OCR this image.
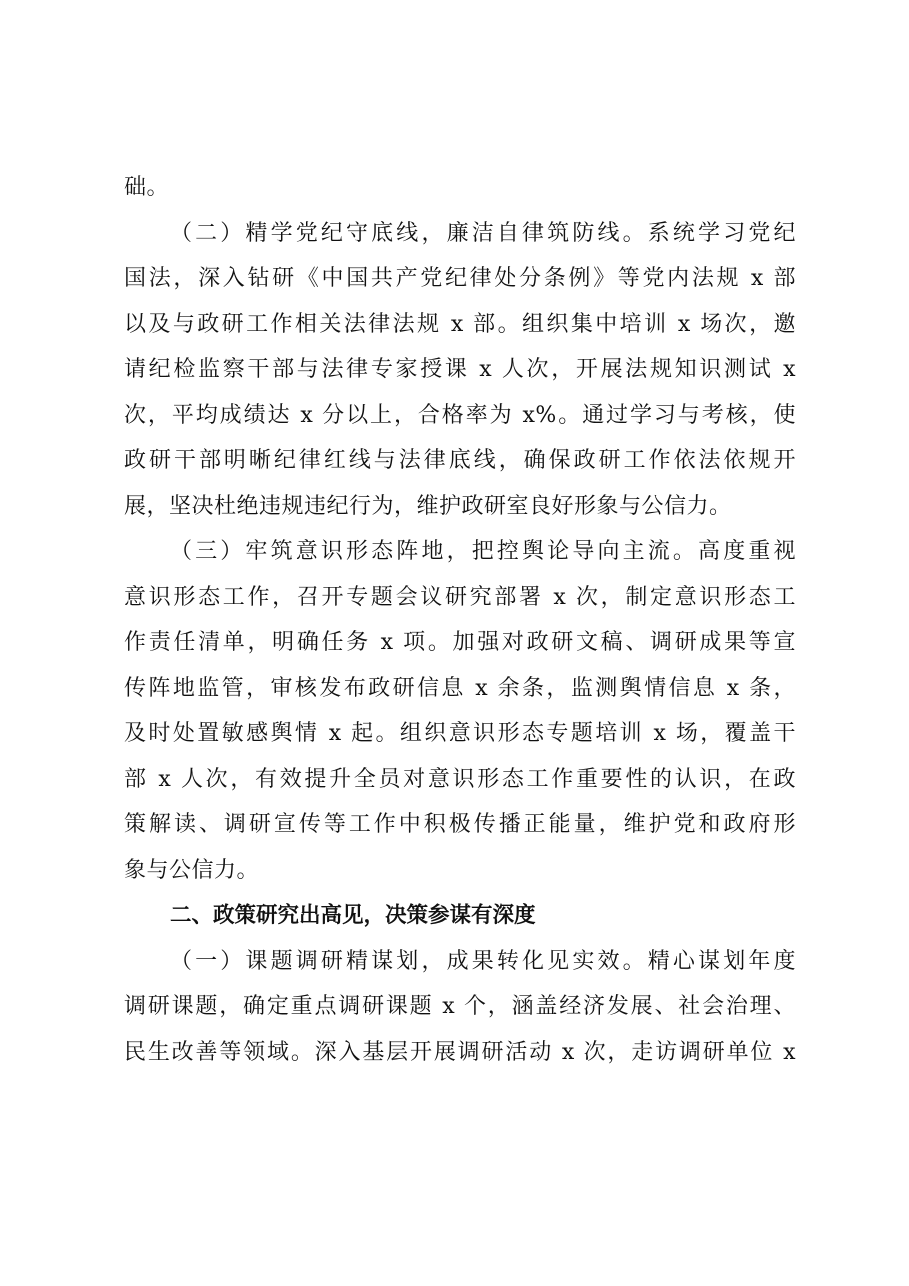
础。
（二）精学党纪守底线，廉洁自律筑防线。系统学习党纪
国法，深入钻研《中国共产党纪律处分条例》等党内法规 x 部
以及与政研工作相关法律法规 x 部。组织集中培训 x 场次，邀
请纪检监察干部与法律专家授课 x 人次，开展法规知识测试 x
次，平均成绩达 x 分以上，合格率为 x%。通过学习与考核，使
政研干部明晰纪律红线与法律底线，确保政研工作依法依规开
展，坚决杜绝违规违纪行为，维护政研室良好形象与公信力。
（三）牢筑意识形态阵地，把控舆论导向主流。高度重视
意识形态工作，召开专题会议研究部署 x 次，制定意识形态工
作责任清单，明确任务 x 项。加强对政研文稿、调研成果等宣
传阵地监管，审核发布政研信息 x 余条，监测舆情信息 x 条，
及时处置敏感舆情 x 起。组织意识形态专题培训 x 场，覆盖干
部 x 人次，有效提升全员对意识形态工作重要性的认识，在政
策解读、调研宣传等工作中积极传播正能量，维护党和政府形
象与公信力。
二、政策研究出高见，决策参谋有深度
（一）课题调研精谋划，成果转化见实效。精心谋划年度
调研课题，确定重点调研课题 x 个，涵盖经济发展、社会治理、
民生改善等领域。深入基层开展调研活动 x 次，走访调研单位 x
